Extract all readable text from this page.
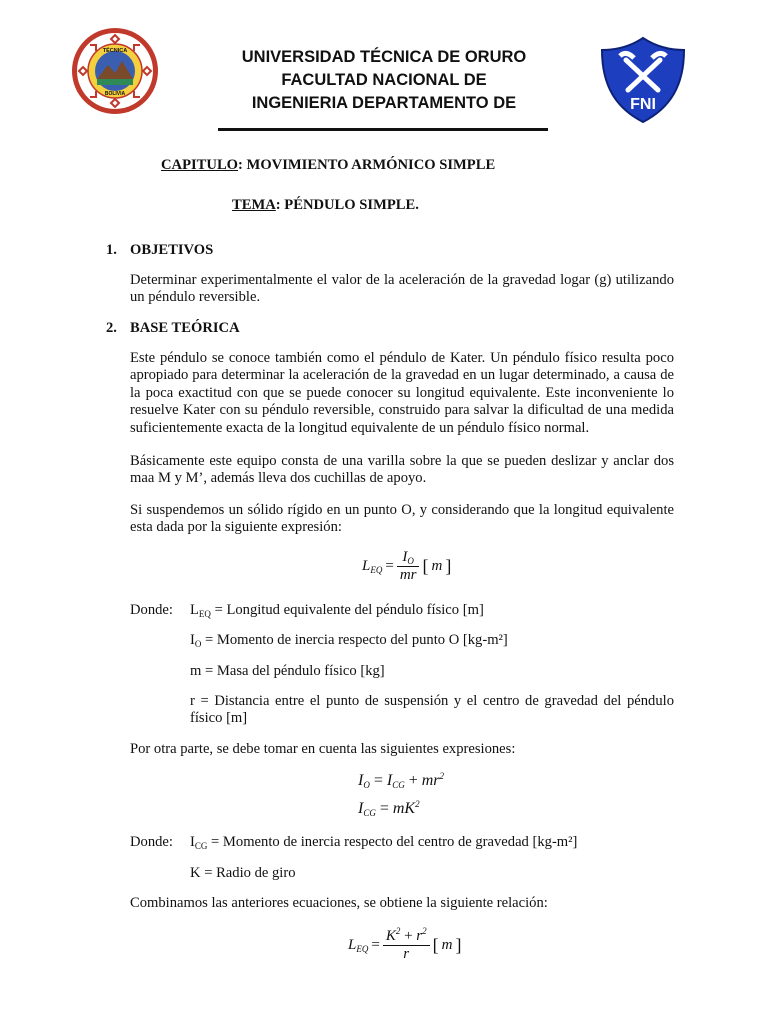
TÉCNICA
BOLIVIA
FNI
UNIVERSIDAD TÉCNICA DE ORURO
FACULTAD NACIONAL DE
INGENIERIA DEPARTAMENTO DE
CAPITULO: MOVIMIENTO ARMÓNICO SIMPLE
TEMA: PÉNDULO SIMPLE.
1. OBJETIVOS
Determinar experimentalmente el valor de la aceleración de la gravedad logar (g) utilizando un péndulo reversible.
2. BASE TEÓRICA
Este péndulo se conoce también como el péndulo de Kater. Un péndulo físico resulta poco apropiado para determinar la aceleración de la gravedad en un lugar determinado, a causa de la poca exactitud con que se puede conocer su longitud equivalente. Este inconveniente lo resuelve Kater con su péndulo reversible, construido para salvar la dificultad de una medida suficientemente exacta de la longitud equivalente de un péndulo físico normal.
Básicamente este equipo consta de una varilla sobre la que se pueden deslizar y anclar dos maa M y M’, además lleva dos cuchillas de apoyo.
Si suspendemos un sólido rígido en un punto O, y considerando que la longitud equivalente esta dada por la siguiente expresión:
$L_{EQ} = \frac{I_O}{mr}$ [ m ]
Donde: $L_{EQ}$ = Longitud equivalente del péndulo físico [m]
$I_O$ = Momento de inercia respecto del punto O [kg-m²]
m = Masa del péndulo físico [kg]
r = Distancia entre el punto de suspensión y el centro de gravedad del péndulo físico [m]
Por otra parte, se debe tomar en cuenta las siguientes expresiones:
$I_O = I_{CG} + mr^2$
$I_{CG} = mK^2$
Donde: $I_{CG}$ = Momento de inercia respecto del centro de gravedad [kg-m²]
K = Radio de giro
Combinamos las anteriores ecuaciones, se obtiene la siguiente relación:
$L_{EQ} = \frac{K^2 + r^2}{r}$ [ m ]
